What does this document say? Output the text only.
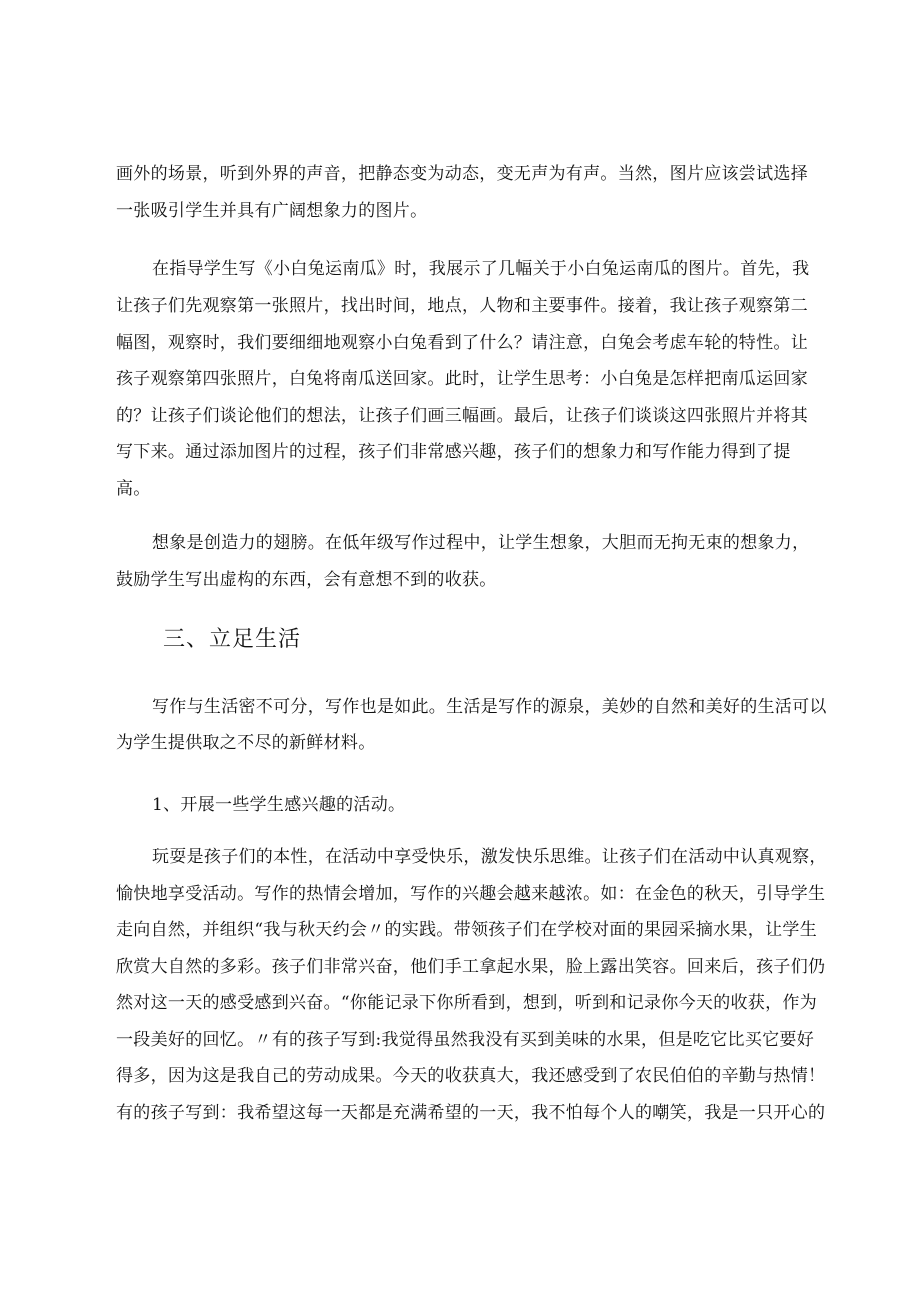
画外的场景，听到外界的声音，把静态变为动态，变无声为有声。当然，图片应该尝试选择
一张吸引学生并具有广阔想象力的图片。
在指导学生写《小白兔运南瓜》时，我展示了几幅关于小白兔运南瓜的图片。首先，我
让孩子们先观察第一张照片，找出时间，地点，人物和主要事件。接着，我让孩子观察第二
幅图，观察时，我们要细细地观察小白兔看到了什么？请注意，白兔会考虑车轮的特性。让
孩子观察第四张照片，白兔将南瓜送回家。此时，让学生思考：小白兔是怎样把南瓜运回家
的？让孩子们谈论他们的想法，让孩子们画三幅画。最后，让孩子们谈谈这四张照片并将其
写下来。通过添加图片的过程，孩子们非常感兴趣，孩子们的想象力和写作能力得到了提
高。
想象是创造力的翅膀。在低年级写作过程中，让学生想象，大胆而无拘无束的想象力，
鼓励学生写出虚构的东西，会有意想不到的收获。
三、立足生活
写作与生活密不可分，写作也是如此。生活是写作的源泉，美妙的自然和美好的生活可以
为学生提供取之不尽的新鲜材料。
1、开展一些学生感兴趣的活动。
玩耍是孩子们的本性，在活动中享受快乐，激发快乐思维。让孩子们在活动中认真观察，
愉快地享受活动。写作的热情会增加，写作的兴趣会越来越浓。如：在金色的秋天，引导学生
走向自然，并组织“我与秋天约会〃的实践。带领孩子们在学校对面的果园采摘水果，让学生
欣赏大自然的多彩。孩子们非常兴奋，他们手工拿起水果，脸上露出笑容。回来后，孩子们仍
然对这一天的感受感到兴奋。“你能记录下你所看到，想到，听到和记录你今天的收获，作为
一段美好的回忆。〃有的孩子写到:我觉得虽然我没有买到美味的水果，但是吃它比买它要好
得多，因为这是我自己的劳动成果。今天的收获真大，我还感受到了农民伯伯的辛勤与热情！
有的孩子写到：我希望这每一天都是充满希望的一天，我不怕每个人的嘲笑，我是一只开心的
